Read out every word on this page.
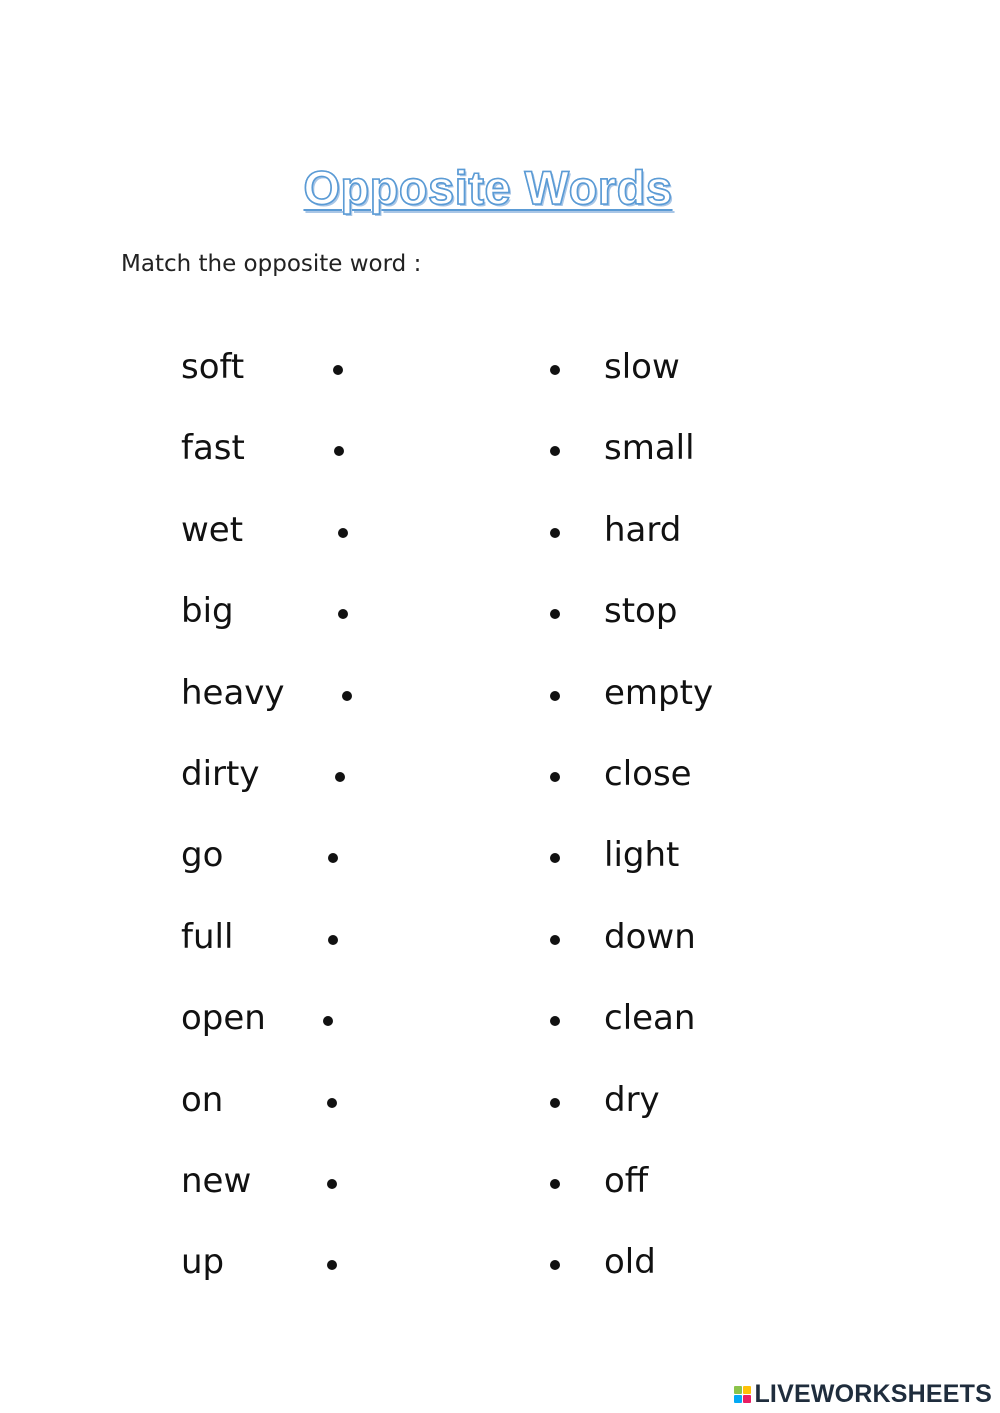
Opposite Words
Match the opposite word :
soft	slow
fast	small
wet	hard
big	stop
heavy	empty
dirty	close
go	light
full	down
open	clean
on	dry
new	off
up	old
LIVEWORKSHEETS
